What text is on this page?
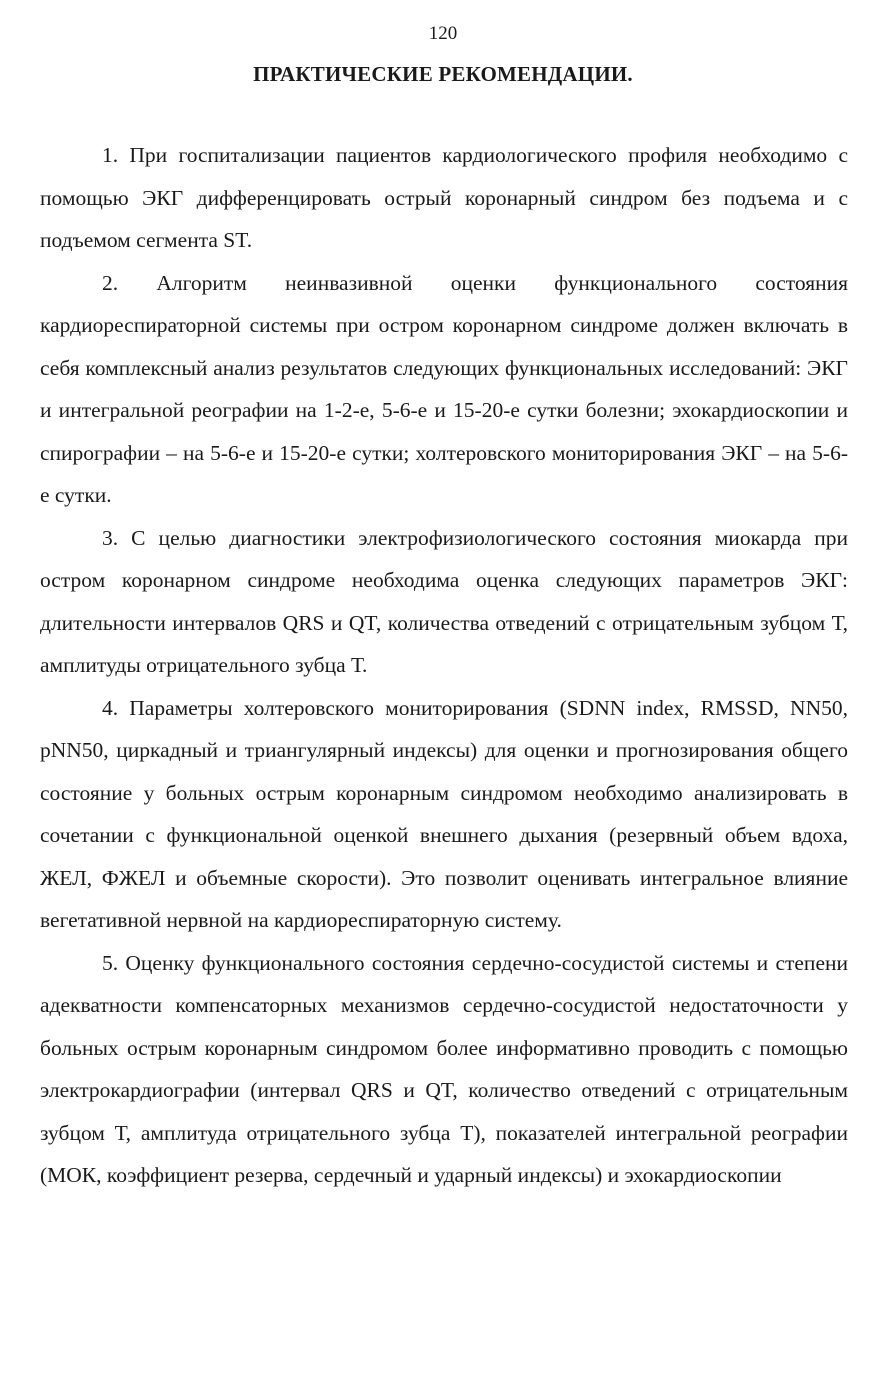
120
ПРАКТИЧЕСКИЕ РЕКОМЕНДАЦИИ.

1. При госпитализации пациентов кардиологического профиля необходимо с помощью ЭКГ дифференцировать острый коронарный синдром без подъема и с подъемом сегмента ST.

2. Алгоритм неинвазивной оценки функционального состояния кардиореспираторной системы при остром коронарном синдроме должен включать в себя комплексный анализ результатов следующих функциональных исследований: ЭКГ и интегральной реографии на 1-2-е, 5-6-е и 15-20-е сутки болезни; эхокардиоскопии и спирографии – на 5-6-е и 15-20-е сутки; холтеровского мониторирования ЭКГ – на 5-6-е сутки.

3. С целью диагностики электрофизиологического состояния миокарда при остром коронарном синдроме необходима оценка следующих параметров ЭКГ: длительности интервалов QRS и QT, количества отведений с отрицательным зубцом Т, амплитуды отрицательного зубца Т.

4. Параметры холтеровского мониторирования (SDNN index, RMSSD, NN50, pNN50, циркадный и триангулярный индексы) для оценки и прогнозирования общего состояние у больных острым коронарным синдромом необходимо анализировать в сочетании с функциональной оценкой внешнего дыхания (резервный объем вдоха, ЖЕЛ, ФЖЕЛ и объемные скорости). Это позволит оценивать интегральное влияние вегетативной нервной на кардиореспираторную систему.

5. Оценку функционального состояния сердечно-сосудистой системы и степени адекватности компенсаторных механизмов сердечно-сосудистой недостаточности у больных острым коронарным синдромом более информативно проводить с помощью электрокардиографии (интервал QRS и QT, количество отведений с отрицательным зубцом Т, амплитуда отрицательного зубца Т), показателей интегральной реографии (МОК, коэффициент резерва, сердечный и ударный индексы) и эхокардиоскопии
